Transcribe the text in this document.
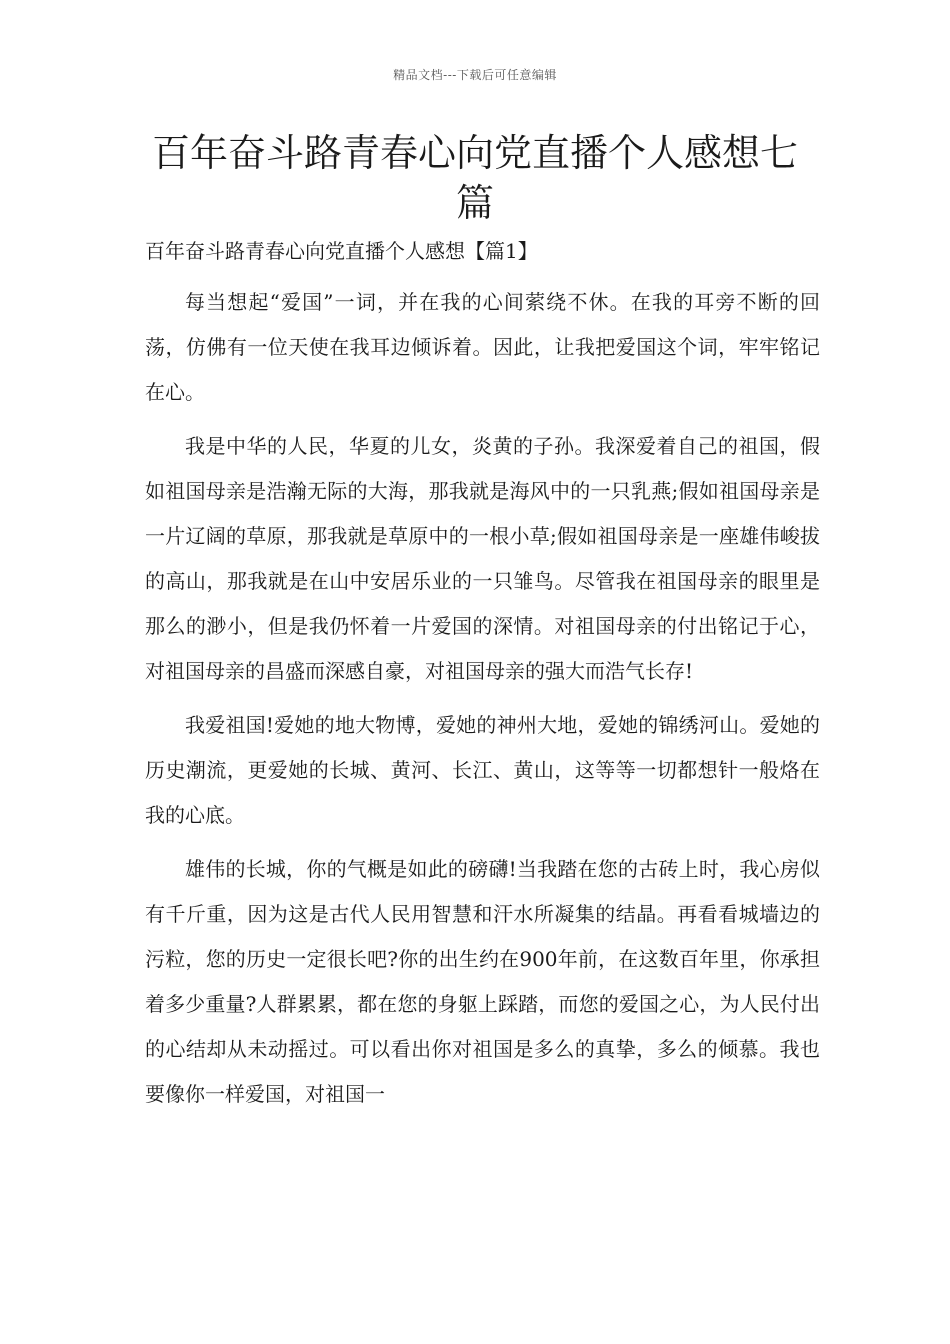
精品文档---下载后可任意编辑
百年奋斗路青春心向党直播个人感想七篇

百年奋斗路青春心向党直播个人感想【篇1】

每当想起“爱国”一词，并在我的心间萦绕不休。在我的耳旁不断的回荡，仿佛有一位天使在我耳边倾诉着。因此，让我把爱国这个词，牢牢铭记在心。

我是中华的人民，华夏的儿女，炎黄的子孙。我深爱着自己的祖国，假如祖国母亲是浩瀚无际的大海，那我就是海风中的一只乳燕;假如祖国母亲是一片辽阔的草原，那我就是草原中的一根小草;假如祖国母亲是一座雄伟峻拔的高山，那我就是在山中安居乐业的一只雏鸟。尽管我在祖国母亲的眼里是那么的渺小，但是我仍怀着一片爱国的深情。对祖国母亲的付出铭记于心，对祖国母亲的昌盛而深感自豪，对祖国母亲的强大而浩气长存!

我爱祖国!爱她的地大物博，爱她的神州大地，爱她的锦绣河山。爱她的历史潮流，更爱她的长城、黄河、长江、黄山，这等等一切都想针一般烙在我的心底。

雄伟的长城，你的气概是如此的磅礴!当我踏在您的古砖上时，我心房似有千斤重，因为这是古代人民用智慧和汗水所凝集的结晶。再看看城墙边的污粒，您的历史一定很长吧?你的出生约在900年前，在这数百年里，你承担着多少重量?人群累累，都在您的身躯上踩踏，而您的爱国之心，为人民付出的心结却从未动摇过。可以看出你对祖国是多么的真挚，多么的倾慕。我也要像你一样爱国，对祖国一
